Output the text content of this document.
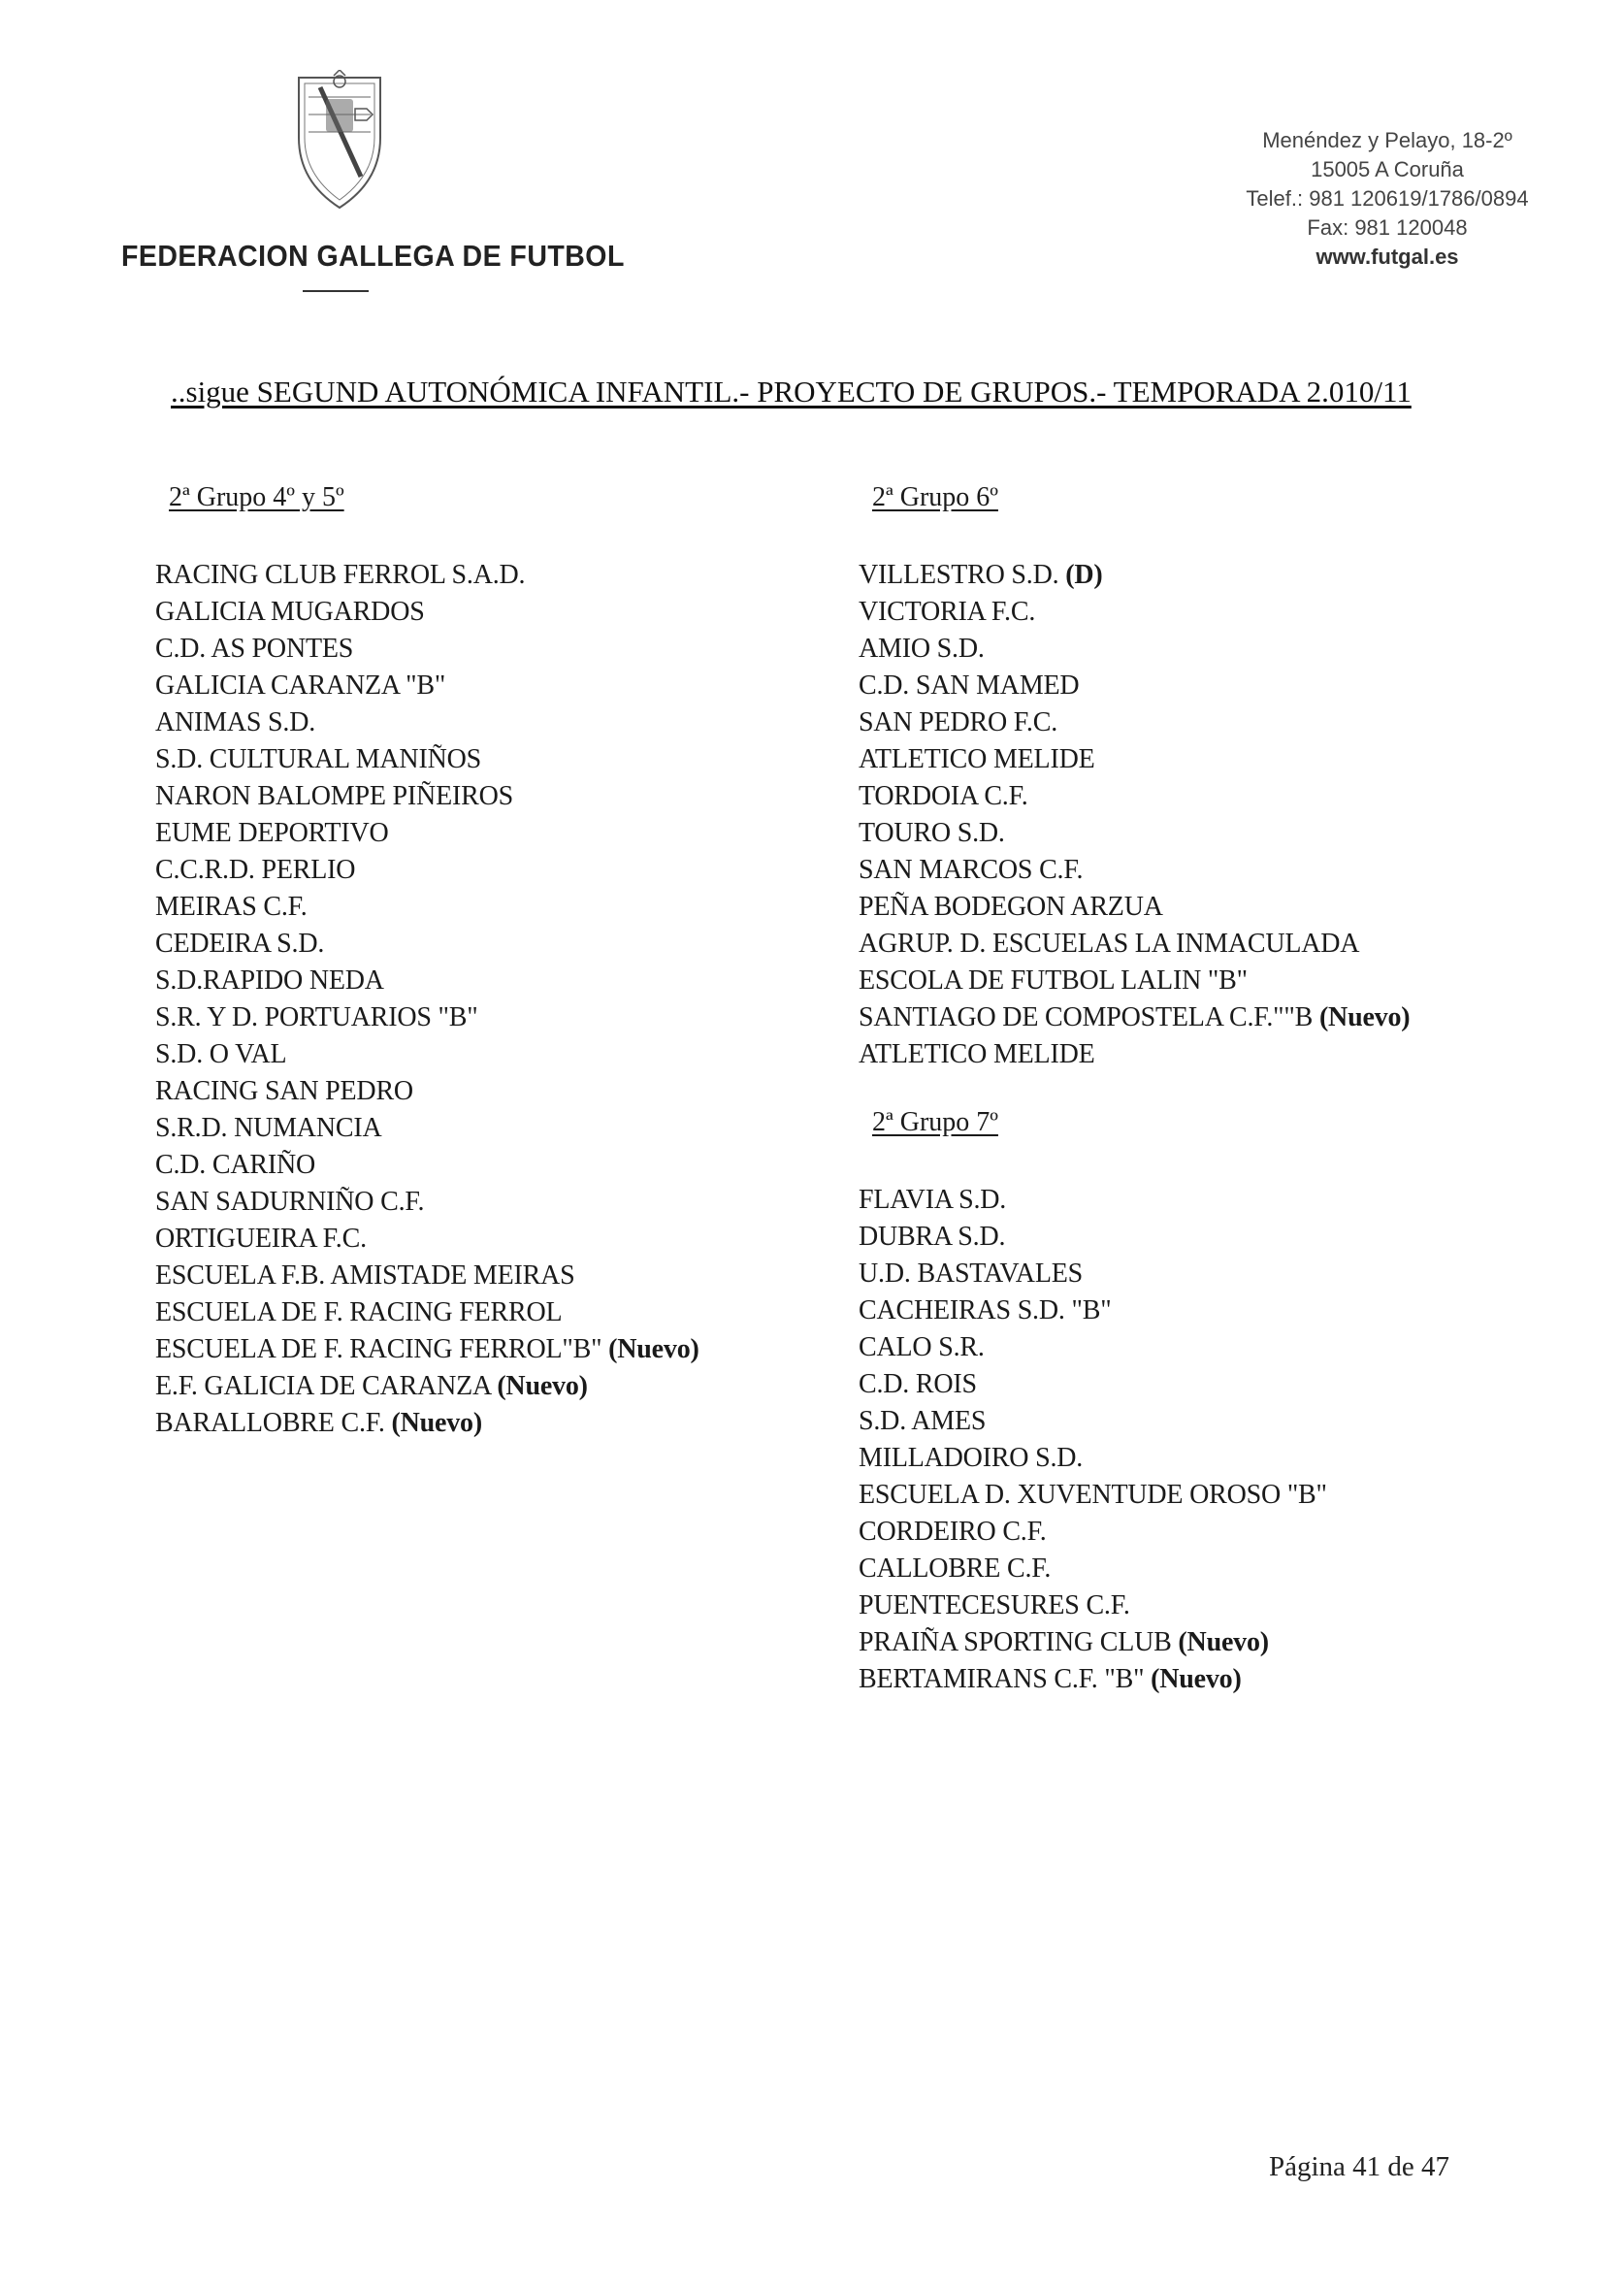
FEDERACION GALLEGA DE FUTBOL
Menéndez y Pelayo, 18-2º
15005 A Coruña
Telef.: 981 120619/1786/0894
Fax: 981 120048
www.futgal.es
..sigue SEGUND AUTONÓMICA INFANTIL.- PROYECTO DE GRUPOS.- TEMPORADA 2.010/11
2ª Grupo 4º y 5º
RACING CLUB FERROL S.A.D.
GALICIA MUGARDOS
C.D. AS PONTES
GALICIA CARANZA "B"
ANIMAS S.D.
S.D. CULTURAL MANIÑOS
NARON BALOMPE PIÑEIROS
EUME DEPORTIVO
C.C.R.D. PERLIO
MEIRAS C.F.
CEDEIRA S.D.
S.D.RAPIDO NEDA
S.R. Y D. PORTUARIOS "B"
S.D. O VAL
RACING SAN PEDRO
S.R.D. NUMANCIA
C.D. CARIÑO
SAN SADURNIÑO C.F.
ORTIGUEIRA F.C.
ESCUELA F.B. AMISTADE MEIRAS
ESCUELA DE F. RACING FERROL
ESCUELA DE F. RACING FERROL"B" (Nuevo)
E.F. GALICIA DE CARANZA (Nuevo)
BARALLOBRE C.F. (Nuevo)
2ª Grupo 6º
VILLESTRO S.D. (D)
VICTORIA F.C.
AMIO S.D.
C.D. SAN MAMED
SAN PEDRO F.C.
ATLETICO MELIDE
TORDOIA C.F.
TOURO S.D.
SAN MARCOS C.F.
PEÑA BODEGON ARZUA
AGRUP. D. ESCUELAS LA INMACULADA
ESCOLA DE FUTBOL LALIN "B"
SANTIAGO DE COMPOSTELA C.F.""B (Nuevo)
ATLETICO MELIDE
2ª Grupo 7º
FLAVIA S.D.
DUBRA S.D.
U.D. BASTAVALES
CACHEIRAS S.D. "B"
CALO S.R.
C.D. ROIS
S.D. AMES
MILLADOIRO S.D.
ESCUELA D. XUVENTUDE OROSO "B"
CORDEIRO C.F.
CALLOBRE C.F.
PUENTECESURES C.F.
PRAIÑA SPORTING CLUB (Nuevo)
BERTAMIRANS C.F. "B" (Nuevo)
Página 41 de 47
